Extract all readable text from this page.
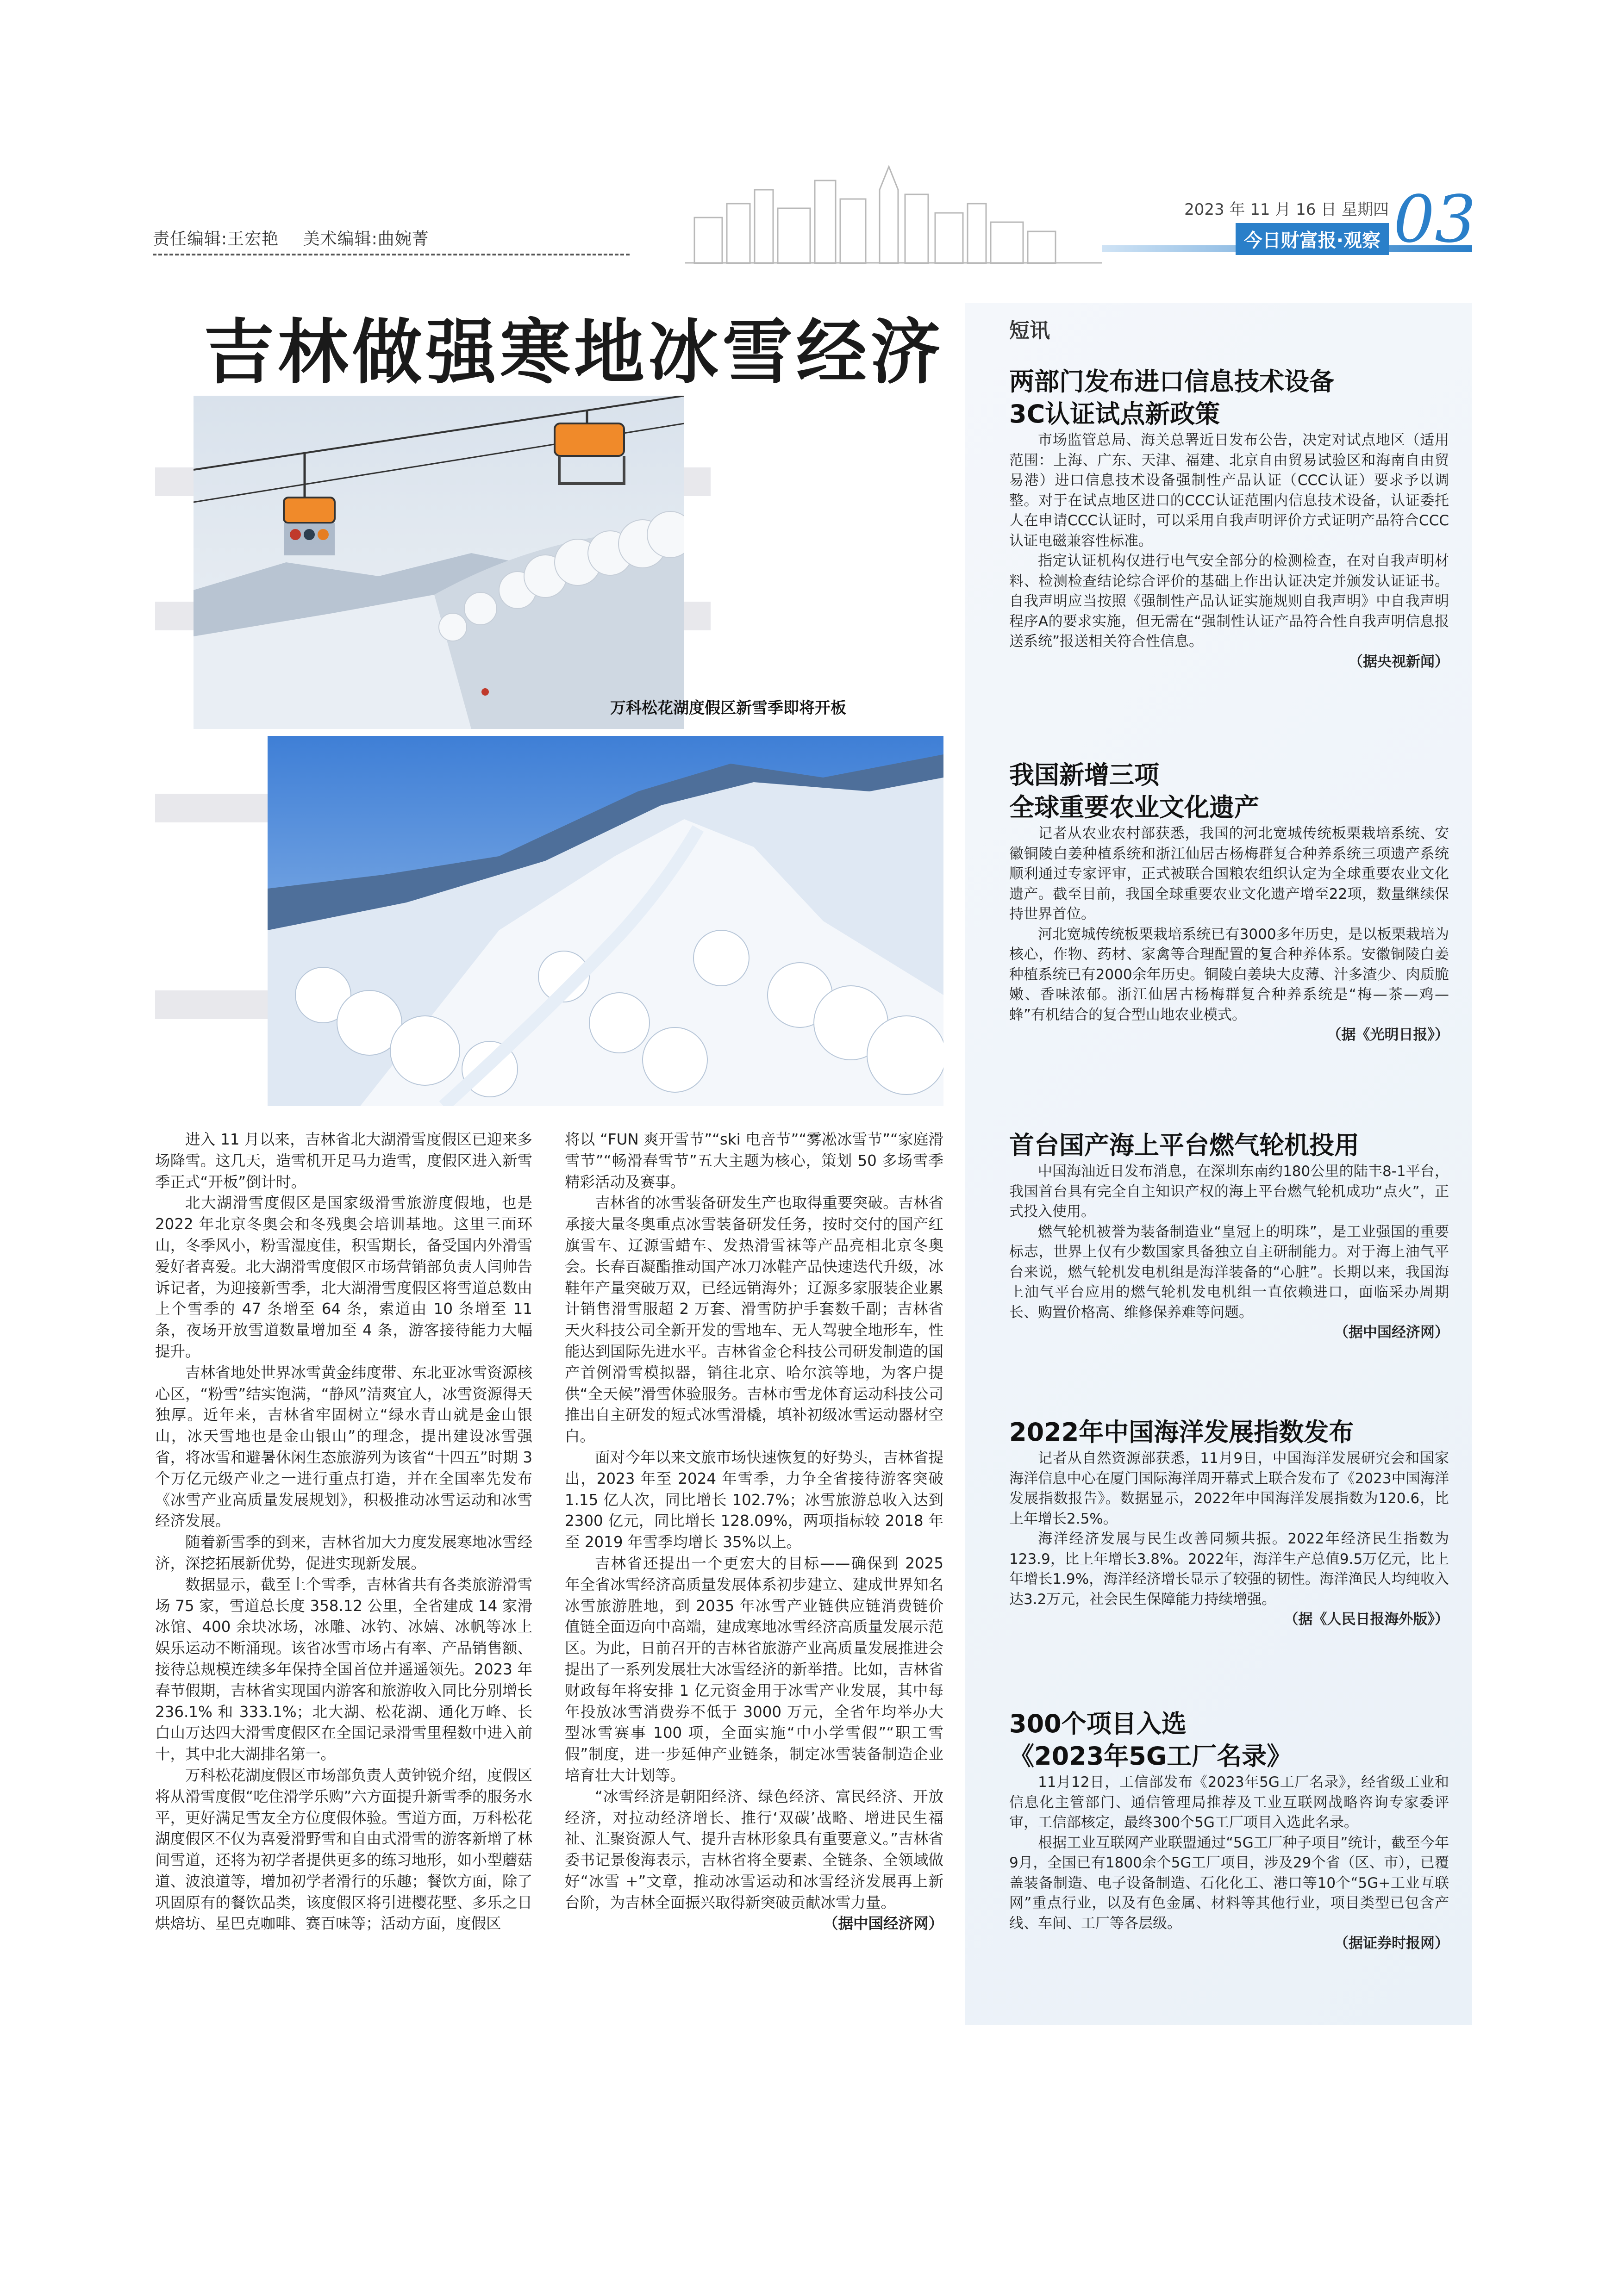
责任编辑:王宏艳 美术编辑:曲婉菁
2023 年 11 月 16 日 星期四
今日财富报·观察 03
吉林做强寒地冰雪经济
万科松花湖度假区新雪季即将开板

进入 11 月以来，吉林省北大湖滑雪度假区已迎来多场降雪。这几天，造雪机开足马力造雪，度假区进入新雪季正式“开板”倒计时。

北大湖滑雪度假区是国家级滑雪旅游度假地，也是 2022 年北京冬奥会和冬残奥会培训基地。这里三面环山，冬季风小，粉雪湿度佳，积雪期长，备受国内外滑雪爱好者喜爱。北大湖滑雪度假区市场营销部负责人闫帅告诉记者，为迎接新雪季，北大湖滑雪度假区将雪道总数由上个雪季的 47 条增至 64 条，索道由 10 条增至 11 条，夜场开放雪道数量增加至 4 条，游客接待能力大幅提升。

吉林省地处世界冰雪黄金纬度带、东北亚冰雪资源核心区，“粉雪”结实饱满，“静风”清爽宜人，冰雪资源得天独厚。近年来，吉林省牢固树立“绿水青山就是金山银山，冰天雪地也是金山银山”的理念，提出建设冰雪强省，将冰雪和避暑休闲生态旅游列为该省“十四五”时期 3 个万亿元级产业之一进行重点打造，并在全国率先发布《冰雪产业高质量发展规划》，积极推动冰雪运动和冰雪经济发展。

随着新雪季的到来，吉林省加大力度发展寒地冰雪经济，深挖拓展新优势，促进实现新发展。

数据显示，截至上个雪季，吉林省共有各类旅游滑雪场 75 家，雪道总长度 358.12 公里，全省建成 14 家滑冰馆、400 余块冰场，冰雕、冰钓、冰嬉、冰帆等冰上娱乐运动不断涌现。该省冰雪市场占有率、产品销售额、接待总规模连续多年保持全国首位并遥遥领先。2023 年春节假期，吉林省实现国内游客和旅游收入同比分别增长 236.1% 和 333.1%；北大湖、松花湖、通化万峰、长白山万达四大滑雪度假区在全国记录滑雪里程数中进入前十，其中北大湖排名第一。

万科松花湖度假区市场部负责人黄钟锐介绍，度假区将从滑雪度假“吃住滑学乐购”六方面提升新雪季的服务水平，更好满足雪友全方位度假体验。雪道方面，万科松花湖度假区不仅为喜爱滑野雪和自由式滑雪的游客新增了林间雪道，还将为初学者提供更多的练习地形，如小型蘑菇道、波浪道等，增加初学者滑行的乐趣；餐饮方面，除了巩固原有的餐饮品类，该度假区将引进樱花墅、多乐之日烘焙坊、星巴克咖啡、赛百味等；活动方面，度假区

将以 “FUN 爽开雪节”“ski 电音节”“雾凇冰雪节”“家庭滑雪节”“畅滑春雪节”五大主题为核心，策划 50 多场雪季精彩活动及赛事。

吉林省的冰雪装备研发生产也取得重要突破。吉林省承接大量冬奥重点冰雪装备研发任务，按时交付的国产红旗雪车、辽源雪蜡车、发热滑雪袜等产品亮相北京冬奥会。长春百凝酯推动国产冰刀冰鞋产品快速迭代升级，冰鞋年产量突破万双，已经远销海外；辽源多家服装企业累计销售滑雪服超 2 万套、滑雪防护手套数千副；吉林省天火科技公司全新开发的雪地车、无人驾驶全地形车，性能达到国际先进水平。吉林省金仑科技公司研发制造的国产首例滑雪模拟器，销往北京、哈尔滨等地，为客户提供“全天候”滑雪体验服务。吉林市雪龙体育运动科技公司推出自主研发的短式冰雪滑橇，填补初级冰雪运动器材空白。

面对今年以来文旅市场快速恢复的好势头，吉林省提出，2023 年至 2024 年雪季，力争全省接待游客突破 1.15 亿人次，同比增长 102.7%；冰雪旅游总收入达到 2300 亿元，同比增长 128.09%，两项指标较 2018 年至 2019 年雪季均增长 35%以上。

吉林省还提出一个更宏大的目标——确保到 2025 年全省冰雪经济高质量发展体系初步建立、建成世界知名冰雪旅游胜地，到 2035 年冰雪产业链供应链消费链价值链全面迈向中高端，建成寒地冰雪经济高质量发展示范区。为此，日前召开的吉林省旅游产业高质量发展推进会提出了一系列发展壮大冰雪经济的新举措。比如，吉林省财政每年将安排 1 亿元资金用于冰雪产业发展，其中每年投放冰雪消费券不低于 3000 万元，全省年均举办大型冰雪赛事 100 项，全面实施“中小学雪假”“职工雪假”制度，进一步延伸产业链条，制定冰雪装备制造企业培育壮大计划等。

“冰雪经济是朝阳经济、绿色经济、富民经济、开放经济，对拉动经济增长、推行‘双碳’战略、增进民生福祉、汇聚资源人气、提升吉林形象具有重要意义。”吉林省委书记景俊海表示，吉林省将全要素、全链条、全领域做好“冰雪 +”文章，推动冰雪运动和冰雪经济发展再上新台阶，为吉林全面振兴取得新突破贡献冰雪力量。

（据中国经济网）

短讯
两部门发布进口信息技术设备
3C认证试点新政策

市场监管总局、海关总署近日发布公告，决定对试点地区（适用范围：上海、广东、天津、福建、北京自由贸易试验区和海南自由贸易港）进口信息技术设备强制性产品认证（CCC认证）要求予以调整。对于在试点地区进口的CCC认证范围内信息技术设备，认证委托人在申请CCC认证时，可以采用自我声明评价方式证明产品符合CCC认证电磁兼容性标准。

指定认证机构仅进行电气安全部分的检测检查，在对自我声明材料、检测检查结论综合评价的基础上作出认证决定并颁发认证证书。自我声明应当按照《强制性产品认证实施规则自我声明》中自我声明程序A的要求实施，但无需在“强制性认证产品符合性自我声明信息报送系统”报送相关符合性信息。

（据央视新闻）

我国新增三项
全球重要农业文化遗产

记者从农业农村部获悉，我国的河北宽城传统板栗栽培系统、安徽铜陵白姜种植系统和浙江仙居古杨梅群复合种养系统三项遗产系统顺利通过专家评审，正式被联合国粮农组织认定为全球重要农业文化遗产。截至目前，我国全球重要农业文化遗产增至22项，数量继续保持世界首位。

河北宽城传统板栗栽培系统已有3000多年历史，是以板栗栽培为核心，作物、药材、家禽等合理配置的复合种养体系。安徽铜陵白姜种植系统已有2000余年历史。铜陵白姜块大皮薄、汁多渣少、肉质脆嫩、香味浓郁。浙江仙居古杨梅群复合种养系统是“梅—茶—鸡—蜂”有机结合的复合型山地农业模式。

（据《光明日报》）

首台国产海上平台燃气轮机投用

中国海油近日发布消息，在深圳东南约180公里的陆丰8-1平台，我国首台具有完全自主知识产权的海上平台燃气轮机成功“点火”，正式投入使用。

燃气轮机被誉为装备制造业“皇冠上的明珠”，是工业强国的重要标志，世界上仅有少数国家具备独立自主研制能力。对于海上油气平台来说，燃气轮机发电机组是海洋装备的“心脏”。长期以来，我国海上油气平台应用的燃气轮机发电机组一直依赖进口，面临采办周期长、购置价格高、维修保养难等问题。

（据中国经济网）

2022年中国海洋发展指数发布

记者从自然资源部获悉，11月9日，中国海洋发展研究会和国家海洋信息中心在厦门国际海洋周开幕式上联合发布了《2023中国海洋发展指数报告》。数据显示，2022年中国海洋发展指数为120.6，比上年增长2.5%。

海洋经济发展与民生改善同频共振。2022年经济民生指数为123.9，比上年增长3.8%。2022年，海洋生产总值9.5万亿元，比上年增长1.9%，海洋经济增长显示了较强的韧性。海洋渔民人均纯收入达3.2万元，社会民生保障能力持续增强。

（据《人民日报海外版》）

300个项目入选
《2023年5G工厂名录》

11月12日，工信部发布《2023年5G工厂名录》，经省级工业和信息化主管部门、通信管理局推荐及工业互联网战略咨询专家委评审，工信部核定，最终300个5G工厂项目入选此名录。

根据工业互联网产业联盟通过“5G工厂种子项目”统计，截至今年9月，全国已有1800余个5G工厂项目，涉及29个省（区、市），已覆盖装备制造、电子设备制造、石化化工、港口等10个“5G+工业互联网”重点行业，以及有色金属、材料等其他行业，项目类型已包含产线、车间、工厂等各层级。

（据证券时报网）
